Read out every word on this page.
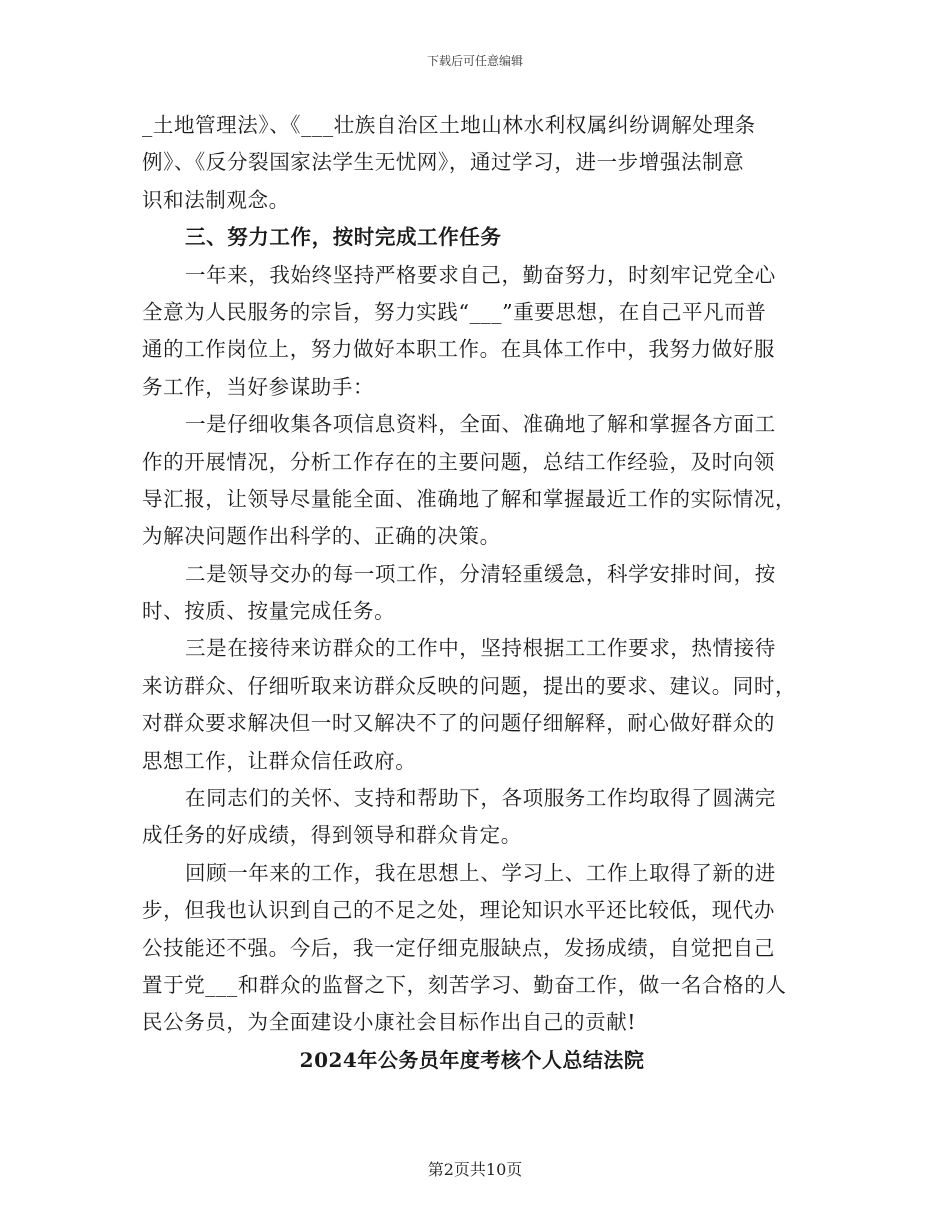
下载后可任意编辑
_土地管理法》、《___壮族自治区土地山林水利权属纠纷调解处理条
例》、《反分裂国家法学生无忧网》，通过学习，进一步增强法制意
识和法制观念。
三、努力工作，按时完成工作任务
一年来，我始终坚持严格要求自己，勤奋努力，时刻牢记党全心
全意为人民服务的宗旨，努力实践“___”重要思想，在自己平凡而普
通的工作岗位上，努力做好本职工作。在具体工作中，我努力做好服
务工作，当好参谋助手：
一是仔细收集各项信息资料，全面、准确地了解和掌握各方面工
作的开展情况，分析工作存在的主要问题，总结工作经验，及时向领
导汇报，让领导尽量能全面、准确地了解和掌握最近工作的实际情况，
为解决问题作出科学的、正确的决策。
二是领导交办的每一项工作，分清轻重缓急，科学安排时间，按
时、按质、按量完成任务。
三是在接待来访群众的工作中，坚持根据工工作要求，热情接待
来访群众、仔细听取来访群众反映的问题，提出的要求、建议。同时，
对群众要求解决但一时又解决不了的问题仔细解释，耐心做好群众的
思想工作，让群众信任政府。
在同志们的关怀、支持和帮助下，各项服务工作均取得了圆满完
成任务的好成绩，得到领导和群众肯定。
回顾一年来的工作，我在思想上、学习上、工作上取得了新的进
步，但我也认识到自己的不足之处，理论知识水平还比较低，现代办
公技能还不强。今后，我一定仔细克服缺点，发扬成绩，自觉把自己
置于党___和群众的监督之下，刻苦学习、勤奋工作，做一名合格的人
民公务员，为全面建设小康社会目标作出自己的贡献!
2024年公务员年度考核个人总结法院
第2页共10页
